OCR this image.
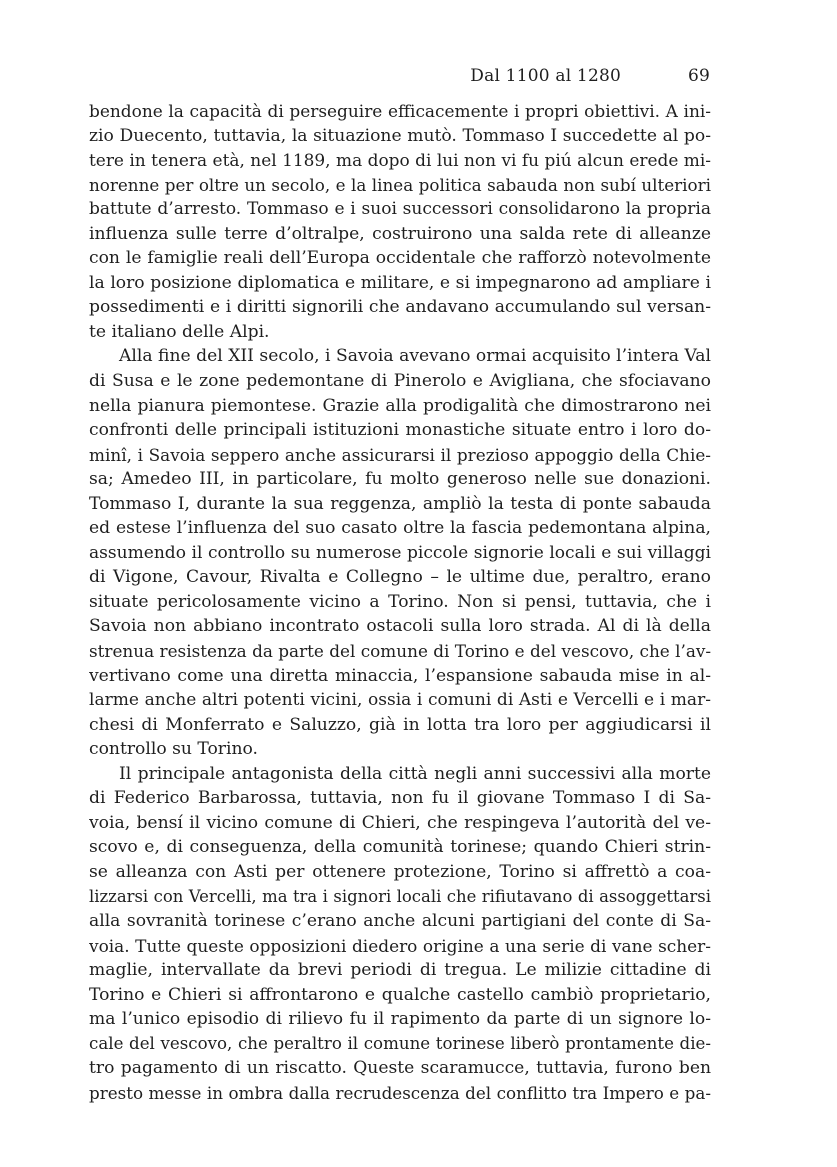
Dal 1100 al 1280	69
bendone la capacità di perseguire efficacemente i propri obiettivi. A ini-
zio Duecento, tuttavia, la situazione mutò. Tommaso I succedette al po-
tere in tenera età, nel 1189, ma dopo di lui non vi fu piú alcun erede mi-
norenne per oltre un secolo, e la linea politica sabauda non subí ulteriori
battute d’arresto. Tommaso e i suoi successori consolidarono la propria
influenza sulle terre d’oltralpe, costruirono una salda rete di alleanze
con le famiglie reali dell’Europa occidentale che rafforzò notevolmente
la loro posizione diplomatica e militare, e si impegnarono ad ampliare i
possedimenti e i diritti signorili che andavano accumulando sul versan-
te italiano delle Alpi.
Alla fine del XII secolo, i Savoia avevano ormai acquisito l’intera Val
di Susa e le zone pedemontane di Pinerolo e Avigliana, che sfociavano
nella pianura piemontese. Grazie alla prodigalità che dimostrarono nei
confronti delle principali istituzioni monastiche situate entro i loro do-
minî, i Savoia seppero anche assicurarsi il prezioso appoggio della Chie-
sa; Amedeo III, in particolare, fu molto generoso nelle sue donazioni.
Tommaso I, durante la sua reggenza, ampliò la testa di ponte sabauda
ed estese l’influenza del suo casato oltre la fascia pedemontana alpina,
assumendo il controllo su numerose piccole signorie locali e sui villaggi
di Vigone, Cavour, Rivalta e Collegno – le ultime due, peraltro, erano
situate pericolosamente vicino a Torino. Non si pensi, tuttavia, che i
Savoia non abbiano incontrato ostacoli sulla loro strada. Al di là della
strenua resistenza da parte del comune di Torino e del vescovo, che l’av-
vertivano come una diretta minaccia, l’espansione sabauda mise in al-
larme anche altri potenti vicini, ossia i comuni di Asti e Vercelli e i mar-
chesi di Monferrato e Saluzzo, già in lotta tra loro per aggiudicarsi il
controllo su Torino.
Il principale antagonista della città negli anni successivi alla morte
di Federico Barbarossa, tuttavia, non fu il giovane Tommaso I di Sa-
voia, bensí il vicino comune di Chieri, che respingeva l’autorità del ve-
scovo e, di conseguenza, della comunità torinese; quando Chieri strin-
se alleanza con Asti per ottenere protezione, Torino si affrettò a coa-
lizzarsi con Vercelli, ma tra i signori locali che rifiutavano di assoggettarsi
alla sovranità torinese c’erano anche alcuni partigiani del conte di Sa-
voia. Tutte queste opposizioni diedero origine a una serie di vane scher-
maglie, intervallate da brevi periodi di tregua. Le milizie cittadine di
Torino e Chieri si affrontarono e qualche castello cambiò proprietario,
ma l’unico episodio di rilievo fu il rapimento da parte di un signore lo-
cale del vescovo, che peraltro il comune torinese liberò prontamente die-
tro pagamento di un riscatto. Queste scaramucce, tuttavia, furono ben
presto messe in ombra dalla recrudescenza del conflitto tra Impero e pa-
